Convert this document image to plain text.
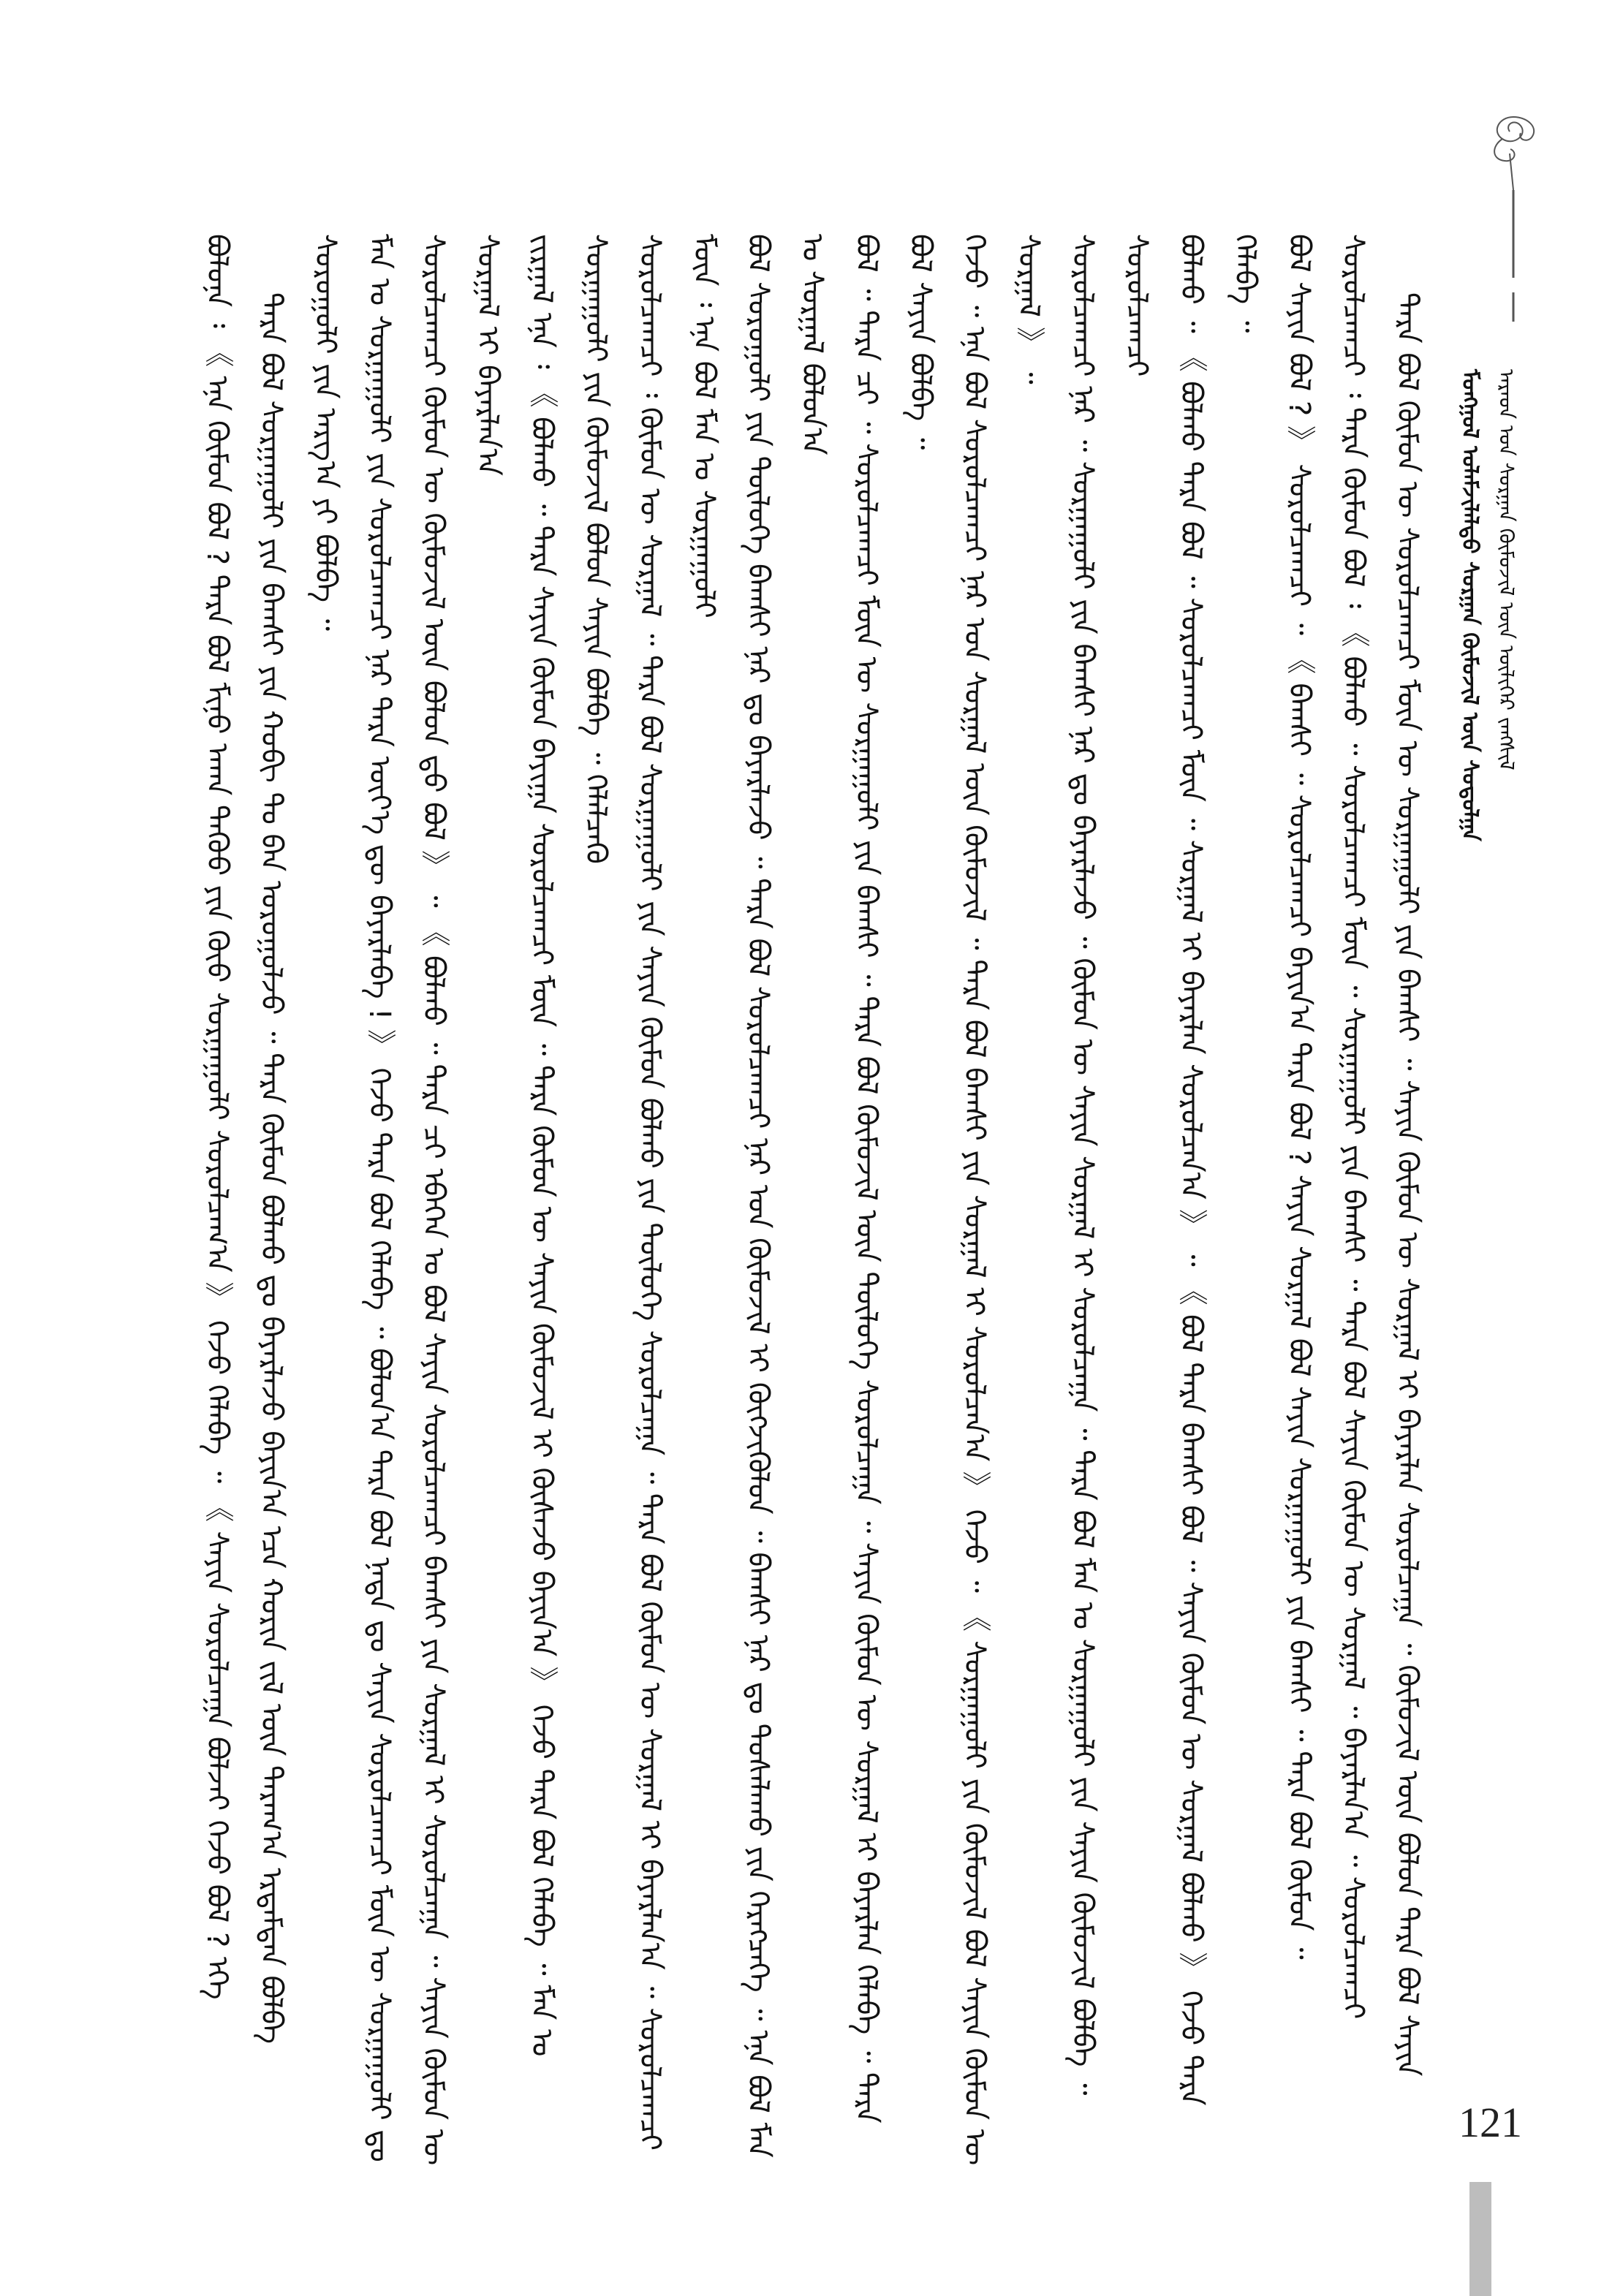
ᠮᠣᠩᠭᠤᠯ ᠤᠯᠠᠮᠵᠢᠯᠠᠯᠲᠤ ᠰᠤᠷᠭᠠᠨ ᠬᠦᠮᠦᠵᠢᠯ ᠦᠨ ᠰᠤᠳᠤᠯᠭᠠ ᠠᠷᠠᠳ ᠤᠨ ᠰᠤᠷᠭᠠᠨ ᠬᠦᠮᠦᠵᠢᠯ ᠦᠨ ᠦᠯᠢᠭᠡᠷ ᠵᠠᠩᠰᠢᠯ

ᠪᠣᠯᠤᠨᠠ ᠄ 《 ᠡᠨᠡ ᠬᠦᠮᠦᠨ ᠪᠣᠯ ? ᠲᠡᠷᠡ ᠪᠣᠯ ᠮᠢᠨᠤ ᠠᠬᠠ ᠳᠡᠭᠦᠦ ᠶᠢᠨ ᠬᠦᠦ ᠰᠤᠷᠭᠠᠭᠤᠯᠢ ᠰᠤᠷᠤᠯᠴᠠᠭ᠎ᠠ 》 ᠭᠡᠵᠦ ᠬᠡᠯᠡᠪᠡ ᠃ 《 ᠰᠠᠶᠢᠨ ᠰᠤᠷᠤᠯᠴᠠᠭᠠ ᠪᠣᠯᠵᠠᠢ ᠭᠡᠵᠦ ᠪᠣᠯ ? ᠡᠬᠡ ᠲᠡᠷᠡ ᠪᠣᠯ ᠰᠤᠷᠭᠠᠭᠤᠯᠢ ᠶᠢᠨ ᠪᠠᠭᠰᠢ ᠶᠢᠨ ᠬᠤᠪᠢ ᠲᠤ ᠪᠡᠨ ᠣᠷᠤᠭᠤᠯᠵᠤ ᠃ ᠲᠡᠷᠡ ᠬᠦᠮᠦᠨ ᠪᠣᠯᠬᠤ ᠳᠤ ᠪᠠᠶᠠᠷᠯᠠᠵᠤ ᠪᠠᠶᠢᠨ᠎ᠠ ᠡᠴᠡ ᠬᠣᠷᠢᠨ ᠵᠢᠯ ᠦᠨ ᠳᠠᠷᠠᠭ᠎ᠠ ᠡᠷᠳᠡᠮᠲᠡᠨ ᠪᠣᠯᠪᠠ ᠰᠤᠷᠤᠭᠤᠯᠢ ᠶᠢᠨ ᠠᠷᠭ᠎ᠠ ᠶᠢ ᠪᠣᠯᠪᠠ ᠃ ᠮᠠᠨ ᠤ ᠰᠤᠷᠭᠠᠭᠤᠯᠢ ᠶᠢᠨ ᠰᠤᠷᠤᠯᠴᠠᠭᠴᠢ ᠨᠠᠷ ᠲᠡᠷᠡ ᠦᠶ᠎ᠡ ᠳᠦ ᠪᠠᠶᠠᠷᠯᠠᠪᠠ ! 》 ᠭᠡᠵᠦ ᠲᠡᠷᠡ ᠪᠣᠯ ᠬᠡᠯᠡᠪᠡ ᠃ ᠪᠣᠯᠣᠨ᠎ᠠ ᠲᠡᠷᠡ ᠪᠣᠯ ᠨᠠᠳᠠ ᠳᠤ ᠰᠠᠶᠢᠨ ᠰᠤᠷᠤᠯᠴᠠᠭᠴᠢ ᠮᠦᠨ ᠦ ᠰᠤᠷᠭᠠᠭᠤᠯᠢ ᠳᠤ ᠰᠤᠷᠤᠯᠴᠠᠭᠴᠢ ᠬᠦᠮᠦᠨ ᠦ ᠬᠦᠮᠦᠵᠢᠯ ᠦᠨ ᠪᠤᠯᠤᠨ ᠳ᠋ᠤ ᠪᠣᠯ 》 ᠃ 《 ᠪᠣᠯᠬᠤ ᠃ ᠲᠡᠷᠡ ᠴᠢ ᠡᠪᠡᠭᠡᠨ ᠤ ᠪᠣᠯ ᠰᠠᠶᠢᠨ ᠰᠤᠷᠤᠯᠴᠠᠭᠴᠢ ᠪᠠᠭᠰᠢ ᠶᠢᠨ ᠰᠤᠷᠭᠠᠯ ᠢ ᠰᠤᠷᠤᠯᠴᠠᠭᠠ ᠃ ᠰᠠᠶᠢᠨ ᠬᠦᠮᠦᠨ ᠦ ᠰᠤᠷᠭᠠᠯ ᠢ ᠪᠠᠶᠠᠷᠯᠠᠨ᠎ᠠ ᠵᠢᠷᠭᠠᠯ ᠡᠨᠡ ᠄ 《 ᠪᠣᠯᠬᠤ ᠃ ᠲᠡᠷᠡ ᠰᠠᠶᠢᠨ ᠬᠦᠮᠦᠨ ᠪᠠᠶᠢᠭᠠ ᠰᠤᠷᠤᠯᠴᠠᠭᠴᠢ ᠮᠦᠨ ᠃ ᠲᠡᠷᠡ ᠬᠦᠮᠦᠨ ᠦ ᠰᠠᠶᠢᠨ ᠬᠦᠮᠦᠵᠢᠯ ᠢ ᠬᠦᠰᠡᠵᠦ ᠪᠠᠶᠢᠨ᠎ᠠ 》 ᠭᠡᠵᠦ ᠲᠡᠷᠡ ᠪᠣᠯ ᠬᠡᠯᠡᠪᠡ ᠃ ᠮᠠᠨ ᠤ ᠰᠤᠷᠭᠠᠭᠤᠯᠢ ᠶᠢᠨ ᠬᠦᠮᠦᠵᠢᠯ ᠪᠣᠯᠤᠨ ᠰᠠᠶᠢᠨ ᠪᠣᠯᠪᠠ ᠃ ᠬᠡᠯᠡᠯᠴᠡᠬᠦ ᠰᠤᠷᠤᠯᠴᠠᠭᠴᠢ ᠄ ᠬᠦᠮᠦᠨ ᠦ ᠰᠤᠷᠭᠠᠯ ᠃ ᠲᠡᠷᠡ ᠪᠣᠯ ᠰᠤᠷᠭᠠᠭᠤᠯᠢ ᠶᠢᠨ ᠰᠠᠶᠢᠨ ᠬᠦᠮᠦᠨ ᠪᠣᠯᠬᠤ ᠶᠢᠨ ᠲᠥᠯᠥᠭᠡ ᠰᠤᠷᠤᠯᠴᠠᠭᠠ ᠃ ᠲᠡᠷᠡ ᠪᠣᠯ ᠬᠦᠮᠦᠨ ᠦ ᠰᠤᠷᠭᠠᠯ ᠢ ᠪᠠᠶᠠᠷᠯᠠᠨ᠎ᠠ ᠃ ᠰᠤᠷᠤᠯᠴᠠᠭᠴᠢ ᠮᠦᠨ ᠄ ᠡᠨᠡ ᠪᠣᠯ ᠮᠠᠨ ᠤ ᠰᠤᠷᠭᠠᠭᠤᠯᠢ ᠪᠣᠯ ᠰᠤᠷᠤᠭᠤᠯᠢ ᠶᠢᠨ ᠲᠥᠯᠥᠭᠡ ᠪᠠᠭᠰᠢ ᠨᠠᠷ ᠳᠤ ᠪᠠᠶᠠᠷᠯᠠᠵᠤ ᠃ ᠲᠡᠷᠡ ᠪᠣᠯ ᠰᠤᠷᠤᠯᠴᠠᠭᠴᠢ ᠨᠠᠷ ᠤᠨ ᠬᠦᠮᠦᠵᠢᠯ ᠢ ᠬᠦᠭᠵᠢᠭᠦᠯᠦᠨ ᠃ ᠪᠠᠭᠰᠢ ᠨᠠᠷ ᠳᠤ ᠲᠤᠰᠠᠯᠠᠬᠤ ᠶᠢᠨ ᠬᠡᠷᠡᠭᠴᠡᠭᠡ ᠃ ᠡᠨᠡ ᠪᠣᠯ ᠮᠠᠨ ᠤ ᠰᠤᠷᠭᠠᠯ ᠪᠣᠯᠤᠨ᠎ᠠ ᠪᠣᠯ ᠃ ᠲᠡᠷᠡ ᠴᠢ ᠃ ᠰᠤᠷᠤᠯᠴᠠᠭᠴᠢ ᠮᠦᠨ ᠦ ᠰᠤᠷᠭᠠᠭᠤᠯᠢ ᠶᠢᠨ ᠪᠠᠭᠰᠢ ᠃ ᠲᠡᠷᠡ ᠪᠣᠯ ᠬᠦᠮᠦᠵᠢᠯ ᠦᠨ ᠲᠥᠯᠥᠭᠡ ᠰᠤᠷᠤᠯᠴᠠᠭᠠ ᠃ ᠰᠠᠶᠢᠨ ᠬᠦᠮᠦᠨ ᠦ ᠰᠤᠷᠭᠠᠯ ᠢ ᠪᠠᠶᠠᠷᠯᠠᠨ ᠬᠡᠯᠡᠪᠡ ᠃ ᠲᠡᠷᠡ ᠪᠣᠯ ᠰᠠᠶᠢᠨ ᠪᠣᠯᠪᠠ ᠃ ᠭᠡᠵᠦ ᠃ ᠡᠨᠡ ᠪᠣᠯ ᠰᠤᠷᠤᠯᠴᠠᠭᠴᠢ ᠨᠠᠷ ᠤᠨ ᠰᠤᠷᠭᠠᠯ ᠦᠨ ᠬᠦᠮᠦᠵᠢᠯ ᠃ ᠲᠡᠷᠡ ᠪᠣᠯ ᠪᠠᠭᠰᠢ ᠶᠢᠨ ᠰᠤᠷᠭᠠᠯ ᠢ ᠰᠤᠷᠤᠯᠴᠠᠨ᠎ᠠ 》 ᠭᠡᠵᠦ ᠃ 《 ᠰᠤᠷᠭᠠᠭᠤᠯᠢ ᠶᠢᠨ ᠬᠦᠮᠦᠵᠢᠯ ᠪᠣᠯ ᠰᠠᠶᠢᠨ ᠬᠦᠮᠦᠨ ᠦ ᠰᠤᠷᠭᠠᠯ 》 ᠃ ᠰᠤᠷᠤᠯᠴᠠᠭᠴᠢ ᠨᠠᠷ ᠃ ᠰᠤᠷᠭᠠᠭᠤᠯᠢ ᠶᠢᠨ ᠪᠠᠭᠰᠢ ᠨᠠᠷ ᠳᠤ ᠪᠠᠶᠠᠷᠯᠠᠵᠤ ᠃ ᠬᠦᠮᠦᠨ ᠦ ᠰᠠᠶᠢᠨ ᠰᠤᠷᠭᠠᠯ ᠢ ᠰᠤᠷᠤᠯᠴᠠᠭᠠ ᠃ ᠲᠡᠷᠡ ᠪᠣᠯ ᠮᠠᠨ ᠤ ᠰᠤᠷᠭᠠᠭᠤᠯᠢ ᠶᠢᠨ ᠰᠠᠶᠢᠨ ᠬᠦᠮᠦᠵᠢᠯ ᠪᠣᠯᠪᠠ ᠃ ᠰᠤᠷᠤᠯᠴᠠᠭᠴᠢ ᠪᠣᠯᠬᠤ ᠃ 《 ᠪᠣᠯᠬᠤ ᠲᠡᠷᠡ ᠪᠣᠯ ᠃ ᠰᠤᠷᠤᠯᠴᠠᠭᠴᠢ ᠮᠦᠨ ᠃ ᠰᠤᠷᠭᠠᠯ ᠢ ᠪᠠᠶᠠᠷᠯᠠᠨ ᠰᠤᠷᠤᠯᠴᠠᠨ᠎ᠠ 》 ᠃ 《 ᠪᠣᠯ ᠲᠡᠷᠡ ᠪᠠᠭᠰᠢ ᠪᠣᠯ ᠃ ᠰᠠᠶᠢᠨ ᠬᠦᠮᠦᠨ ᠦ ᠰᠤᠷᠭᠠᠯ ᠪᠣᠯᠬᠤ 》 ᠭᠡᠵᠦ ᠲᠡᠷᠡ ᠬᠡᠯᠡᠪᠡ ᠃ ᠪᠣᠯ ᠰᠠᠶᠢᠨ ᠪᠣᠯ ? 》 ᠰᠤᠷᠤᠯᠴᠠᠭᠴᠢ ᠃ 《 ᠪᠠᠭᠰᠢ ᠃ ᠰᠤᠷᠤᠯᠴᠠᠭᠴᠢ ᠪᠠᠶᠢᠨ᠎ᠠ ᠲᠡᠷᠡ ᠪᠣᠯ ? ᠰᠠᠶᠢᠨ ᠰᠤᠷᠭᠠᠯ ᠪᠣᠯ ᠰᠠᠶᠢᠨ ᠰᠤᠷᠭᠠᠭᠤᠯᠢ ᠶᠢᠨ ᠪᠠᠭᠰᠢ ᠃ ᠲᠡᠷᠡ ᠪᠣᠯ ᠬᠦᠮᠦᠨ ᠃ ᠰᠤᠷᠤᠯᠴᠠᠭᠴᠢ ᠄ ᠲᠡᠷᠡ ᠬᠦᠮᠦᠨ ᠪᠣᠯ ᠄ 《 ᠪᠣᠯᠬᠤ ᠃ ᠰᠤᠷᠤᠯᠴᠠᠭᠴᠢ ᠮᠦᠨ ᠃ ᠰᠤᠷᠭᠠᠭᠤᠯᠢ ᠶᠢᠨ ᠪᠠᠭᠰᠢ ᠃ ᠲᠡᠷᠡ ᠪᠣᠯ ᠰᠠᠶᠢᠨ ᠬᠦᠮᠦᠨ ᠦ ᠰᠤᠷᠭᠠᠯ ᠃ ᠪᠠᠶᠠᠷᠯᠠᠨ᠎ᠠ ᠃ ᠰᠤᠷᠤᠯᠴᠠᠭᠴᠢ ᠲᠡᠷᠡ ᠪᠣᠯ ᠬᠦᠮᠦᠨ ᠦ ᠰᠤᠷᠤᠯᠴᠠᠭᠴᠢ ᠮᠦᠨ ᠦ ᠰᠤᠷᠭᠠᠭᠤᠯᠢ ᠶᠢᠨ ᠪᠠᠭᠰᠢ ᠃ ᠰᠠᠶᠢᠨ ᠬᠦᠮᠦᠨ ᠦ ᠰᠤᠷᠭᠠᠯ ᠢ ᠪᠠᠶᠠᠷᠯᠠᠨ ᠰᠤᠷᠤᠯᠴᠠᠭᠠ ᠃ ᠬᠦᠮᠦᠵᠢᠯ ᠦᠨ ᠪᠣᠯᠤᠨ ᠲᠡᠷᠡ ᠪᠣᠯ ᠰᠠᠶᠢᠨ

121
